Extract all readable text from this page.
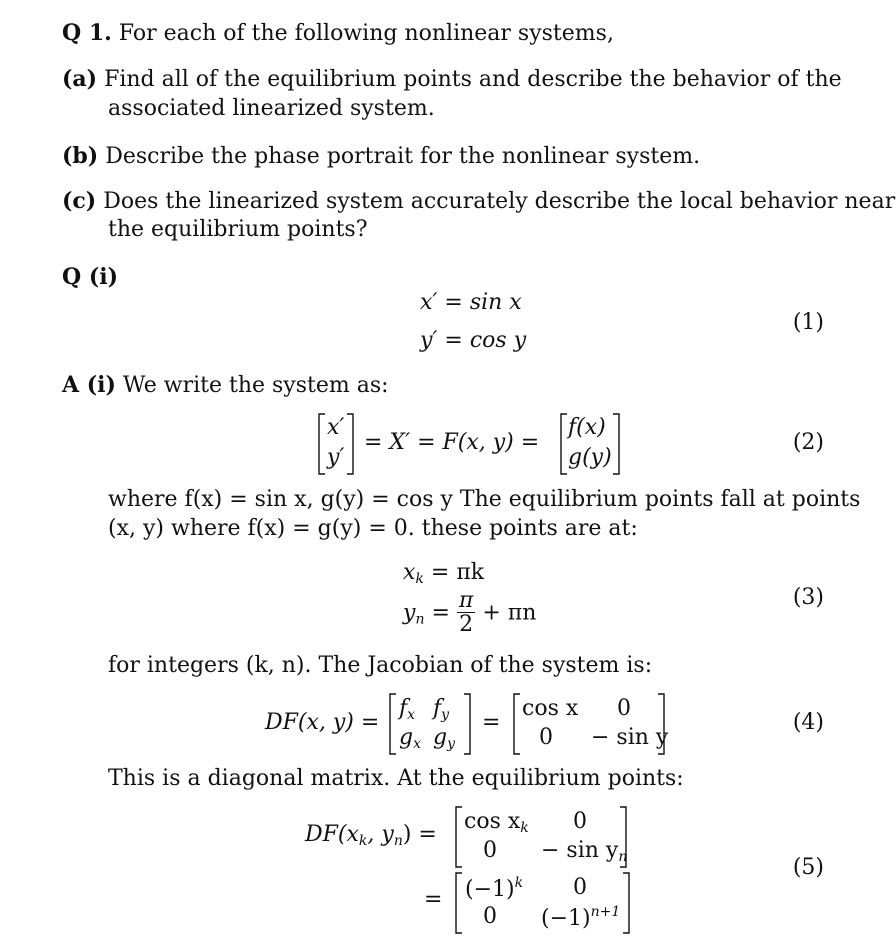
Q 1. For each of the following nonlinear systems,
(a) Find all of the equilibrium points and describe the behavior of the
associated linearized system.
(b) Describe the phase portrait for the nonlinear system.
(c) Does the linearized system accurately describe the local behavior near
the equilibrium points?
Q (i)
x′ = sin x
y′ = cos y
(1)
A (i) We write the system as:
x′
y′
= X′ = F(x, y) =
f(x)
g(y)
(2)
where f(x) = sin x, g(y) = cos y The equilibrium points fall at points
(x, y) where f(x) = g(y) = 0. these points are at:
$x_k = \pi k$
$y_n = \frac{\pi}{2} + \pi n$
(3)
for integers (k, n). The Jacobian of the system is:
DF(x, y) =
$f_x$ $f_y$
$g_x$ $g_y$
=
cos x 0
0 − sin y
(4)
This is a diagonal matrix. At the equilibrium points:
$DF(x_k$, $y_n$) =
$\cos x_k$ 0
$0 - \sin y_n$
= $(-1)^k$ 0
0 $(-1)^{n+1}$
(5)
